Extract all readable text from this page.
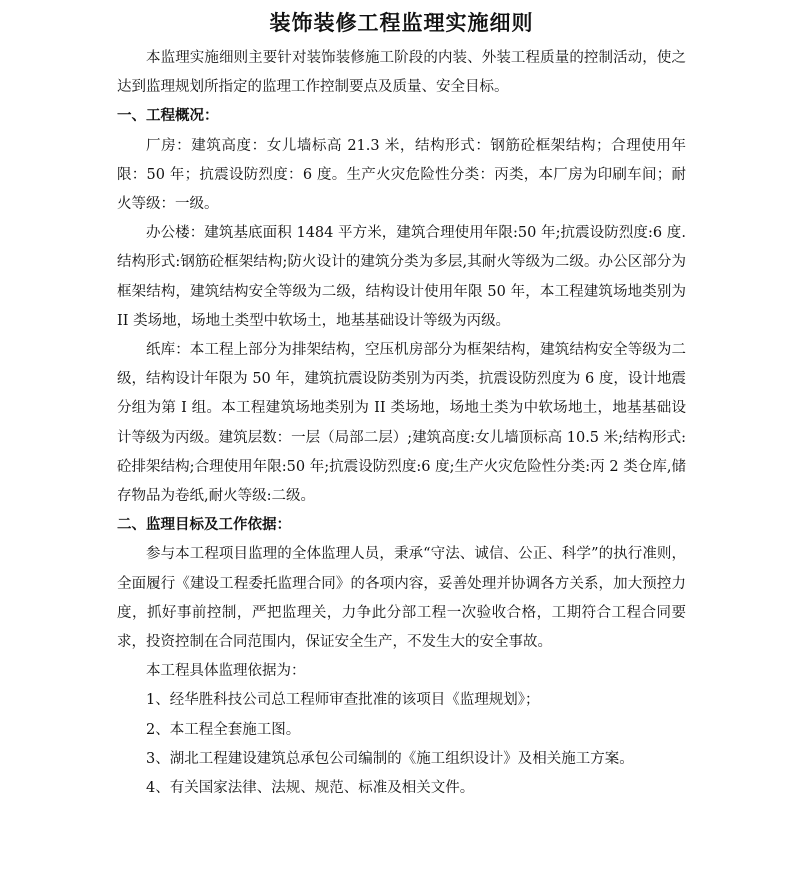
装饰装修工程监理实施细则

本监理实施细则主要针对装饰装修施工阶段的内装、外装工程质量的控制活动，使之达到监理规划所指定的监理工作控制要点及质量、安全目标。

一、工程概况：

厂房：建筑高度：女儿墙标高 21.3 米，结构形式：钢筋砼框架结构；合理使用年限：50 年；抗震设防烈度：6 度。生产火灾危险性分类：丙类，本厂房为印刷车间；耐火等级：一级。

办公楼：建筑基底面积 1484 平方米，建筑合理使用年限:50 年;抗震设防烈度:6 度.结构形式:钢筋砼框架结构;防火设计的建筑分类为多层,其耐火等级为二级。办公区部分为框架结构，建筑结构安全等级为二级，结构设计使用年限 50 年，本工程建筑场地类别为 II 类场地，场地土类型中软场土，地基基础设计等级为丙级。

纸库：本工程上部分为排架结构，空压机房部分为框架结构，建筑结构安全等级为二级，结构设计年限为 50 年，建筑抗震设防类别为丙类，抗震设防烈度为 6 度，设计地震分组为第 I 组。本工程建筑场地类别为 II 类场地，场地土类为中软场地土，地基基础设计等级为丙级。建筑层数：一层（局部二层）;建筑高度:女儿墙顶标高 10.5 米;结构形式:砼排架结构;合理使用年限:50 年;抗震设防烈度:6 度;生产火灾危险性分类:丙 2 类仓库,储存物品为卷纸,耐火等级:二级。

二、监理目标及工作依据：

参与本工程项目监理的全体监理人员，秉承“守法、诚信、公正、科学”的执行准则，全面履行《建设工程委托监理合同》的各项内容，妥善处理并协调各方关系，加大预控力度，抓好事前控制，严把监理关，力争此分部工程一次验收合格，工期符合工程合同要求，投资控制在合同范围内，保证安全生产，不发生大的安全事故。

本工程具体监理依据为：

1、经华胜科技公司总工程师审查批准的该项目《监理规划》；

2、本工程全套施工图。

3、湖北工程建设建筑总承包公司编制的《施工组织设计》及相关施工方案。

4、有关国家法律、法规、规范、标准及相关文件。
